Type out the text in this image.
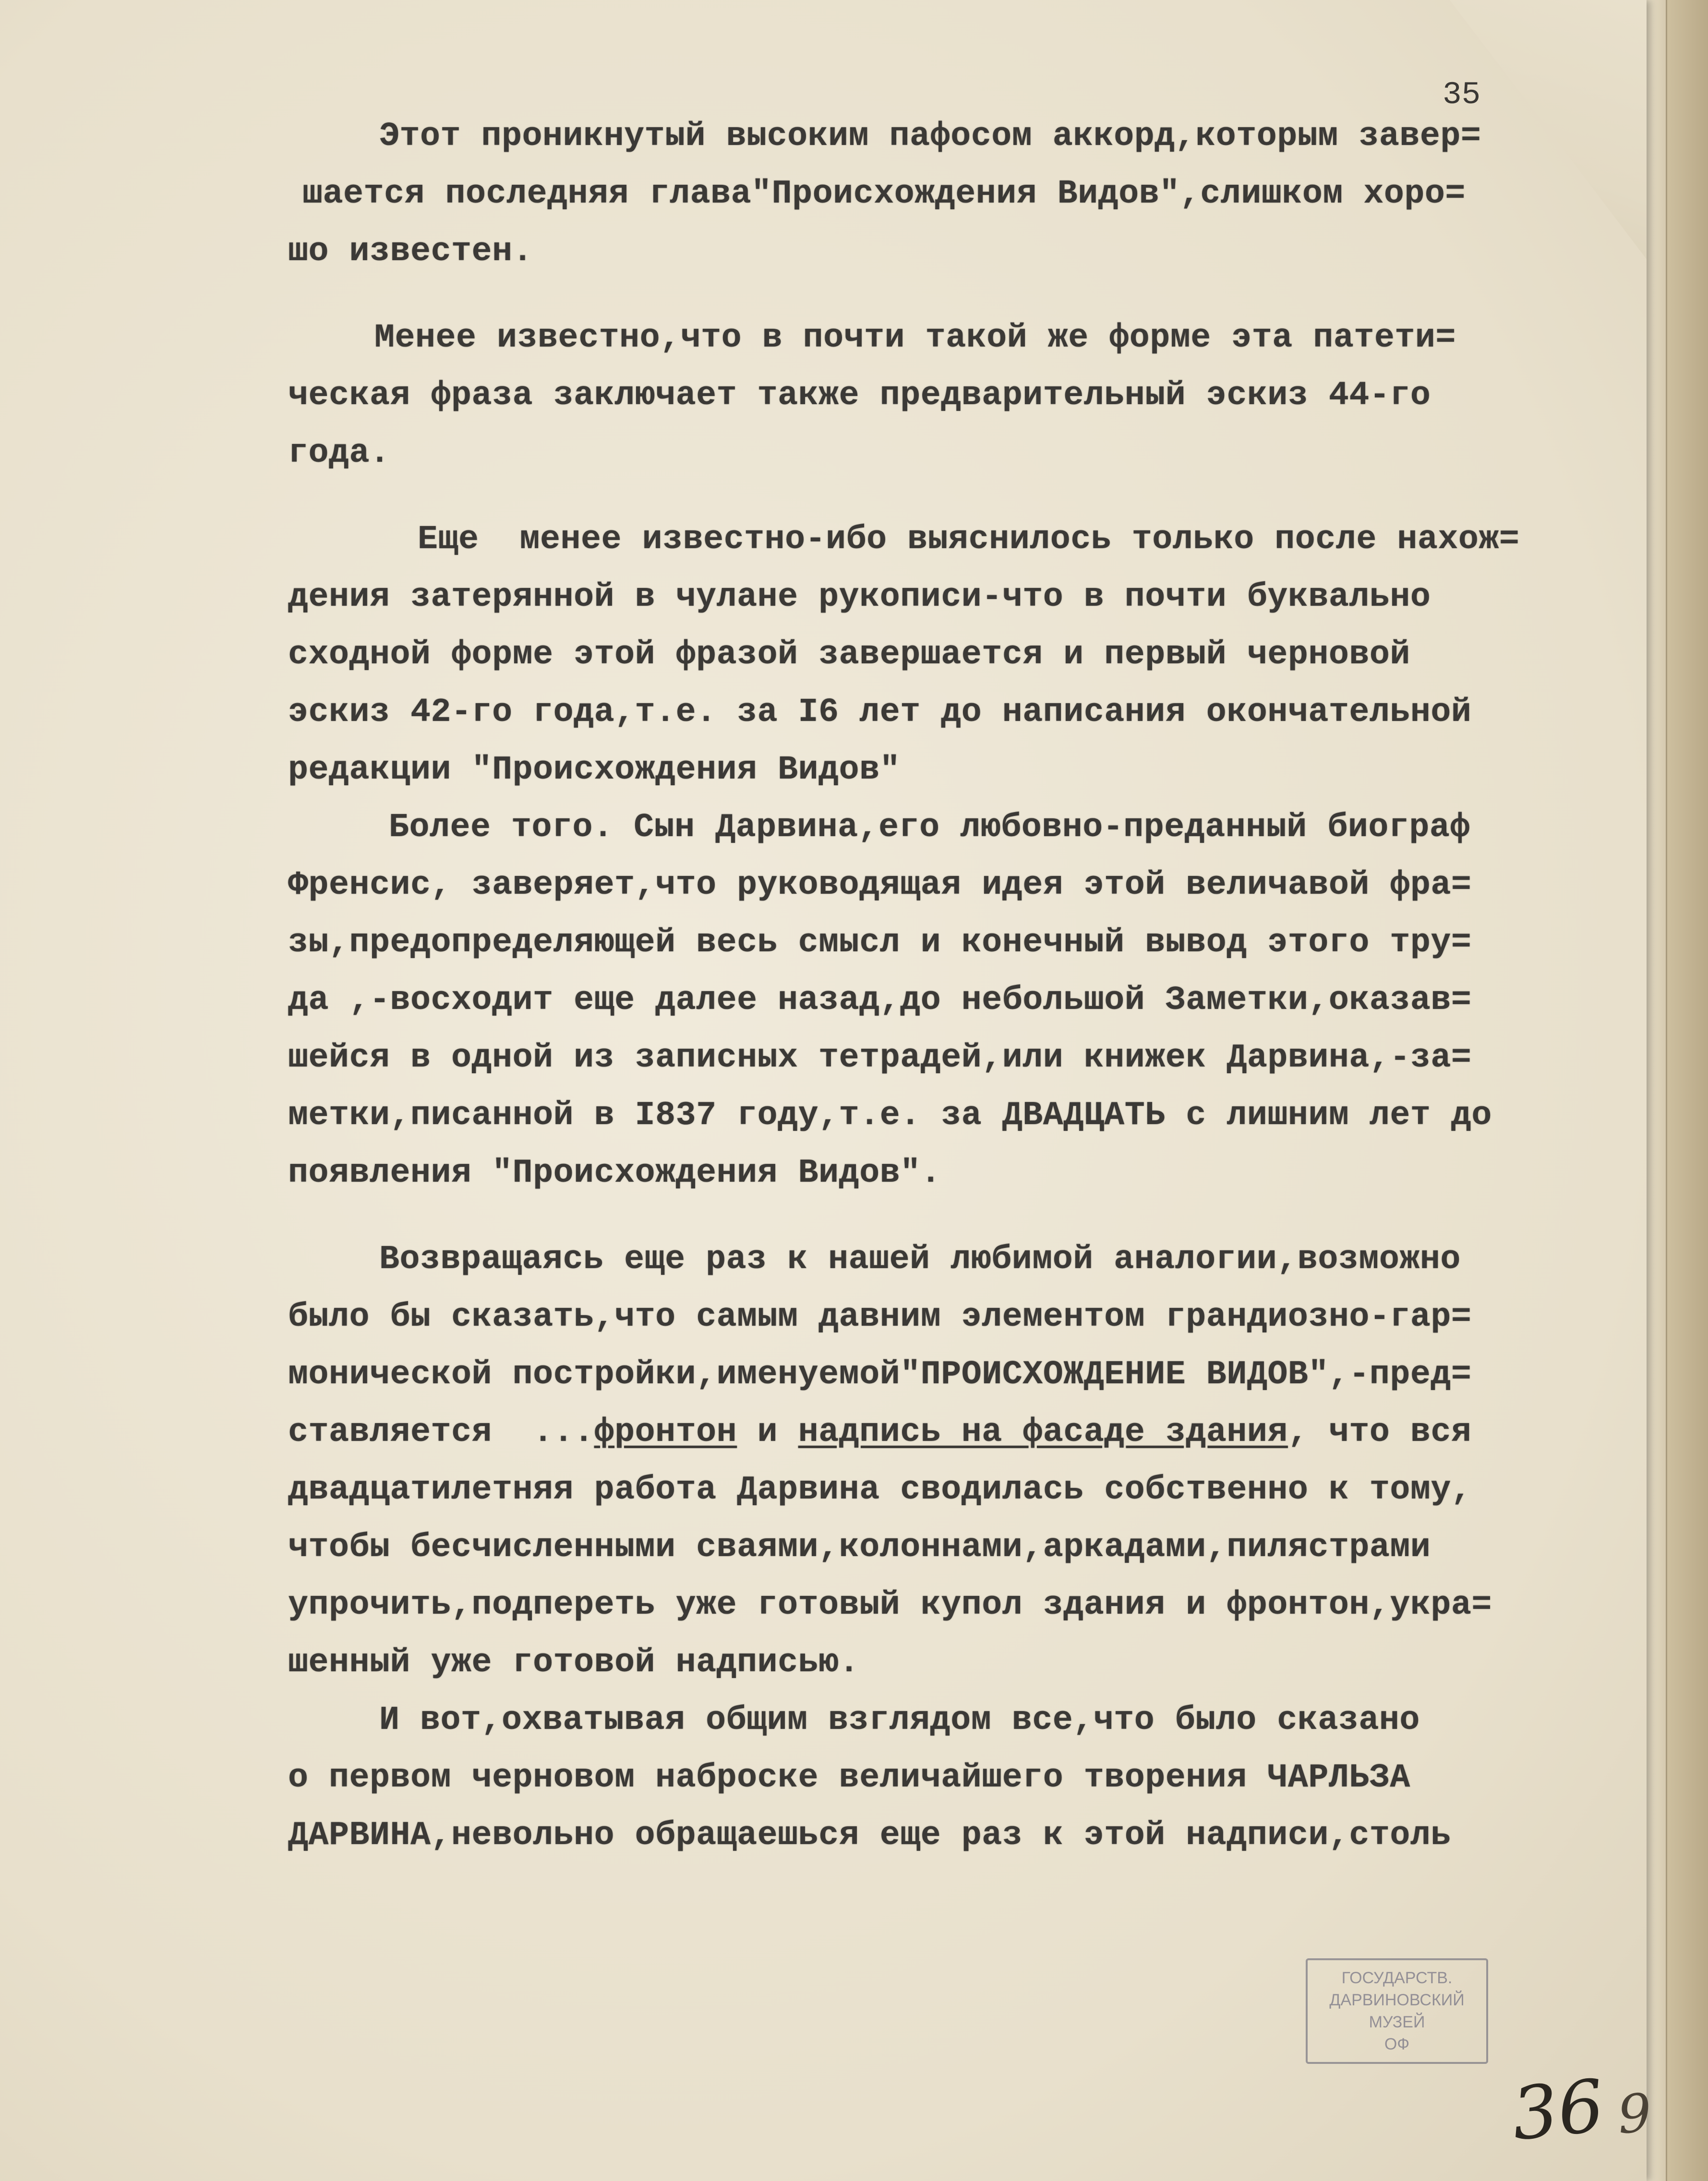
35
Этот проникнутый высоким пафосом аккорд,которым завер=
шается последняя глава"Происхождения Видов",слишком хоро=
шо известен.
Менее известно,что в почти такой же форме эта патети=
ческая фраза заключает также предварительный эскиз 44-го
года.
Еще  менее известно-ибо выяснилось только после нахож=
дения затерянной в чулане рукописи-что в почти буквально
сходной форме этой фразой завершается и первый черновой
эскиз 42-го года,т.е. за I6 лет до написания окончательной
редакции "Происхождения Видов"
Более того. Сын Дарвина,его любовно-преданный биограф
Френсис, заверяет,что руководящая идея этой величавой фра=
зы,предопределяющей весь смысл и конечный вывод этого тру=
да ,-восходит еще далее назад,до небольшой Заметки,оказав=
шейся в одной из записных тетрадей,или книжек Дарвина,-за=
метки,писанной в I837 году,т.е. за ДВАДЦАТЬ с лишним лет до
появления "Происхождения Видов".
Возвращаясь еще раз к нашей любимой аналогии,возможно
было бы сказать,что самым давним элементом грандиозно-гар=
монической постройки,именуемой"ПРОИСХОЖДЕНИЕ ВИДОВ",-пред=
ставляется  ...фронтон и надпись на фасаде здания, что вся
двадцатилетняя работа Дарвина сводилась собственно к тому,
чтобы бесчисленными сваями,колоннами,аркадами,пилястрами
упрочить,подпереть уже готовый купол здания и фронтон,укра=
шенный уже готовой надписью.
И вот,охватывая общим взглядом все,что было сказано
о первом черновом наброске величайшего творения ЧАРЛЬЗА
ДАРВИНА,невольно обращаешься еще раз к этой надписи,столь
ГОСУДАРСТВ.
ДАРВИНОВСКИЙ МУЗЕЙ
ОФ
36 9
